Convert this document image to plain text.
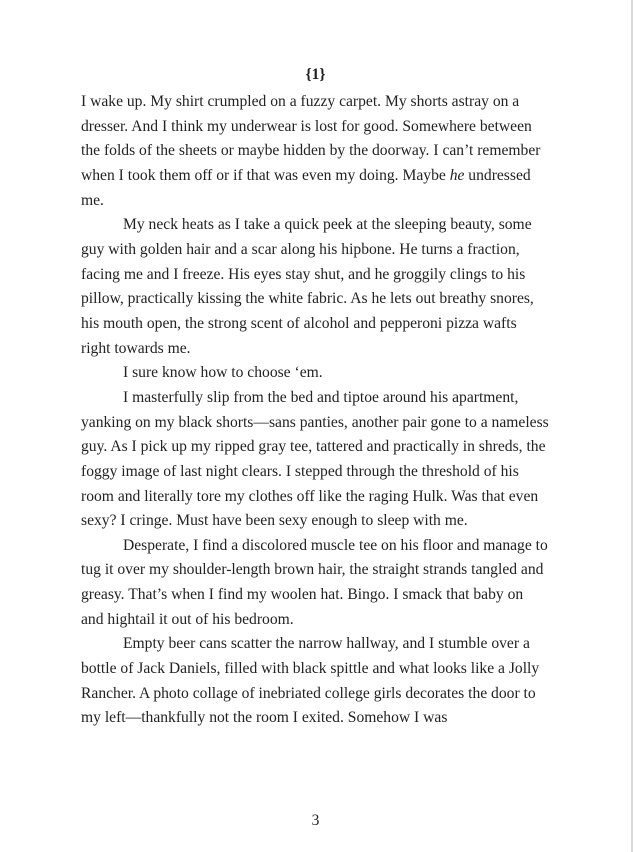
{1}

I wake up. My shirt crumpled on a fuzzy carpet. My shorts astray on a dresser. And I think my underwear is lost for good. Somewhere between the folds of the sheets or maybe hidden by the doorway. I can’t remember when I took them off or if that was even my doing. Maybe he undressed me.

My neck heats as I take a quick peek at the sleeping beauty, some guy with golden hair and a scar along his hipbone. He turns a fraction, facing me and I freeze. His eyes stay shut, and he groggily clings to his pillow, practically kissing the white fabric. As he lets out breathy snores, his mouth open, the strong scent of alcohol and pepperoni pizza wafts right towards me.

I sure know how to choose ‘em.

I masterfully slip from the bed and tiptoe around his apartment, yanking on my black shorts—sans panties, another pair gone to a nameless guy. As I pick up my ripped gray tee, tattered and practically in shreds, the foggy image of last night clears. I stepped through the threshold of his room and literally tore my clothes off like the raging Hulk. Was that even sexy? I cringe. Must have been sexy enough to sleep with me.

Desperate, I find a discolored muscle tee on his floor and manage to tug it over my shoulder-length brown hair, the straight strands tangled and greasy. That’s when I find my woolen hat. Bingo. I smack that baby on and hightail it out of his bedroom.

Empty beer cans scatter the narrow hallway, and I stumble over a bottle of Jack Daniels, filled with black spittle and what looks like a Jolly Rancher. A photo collage of inebriated college girls decorates the door to my left—thankfully not the room I exited. Somehow I was

3
